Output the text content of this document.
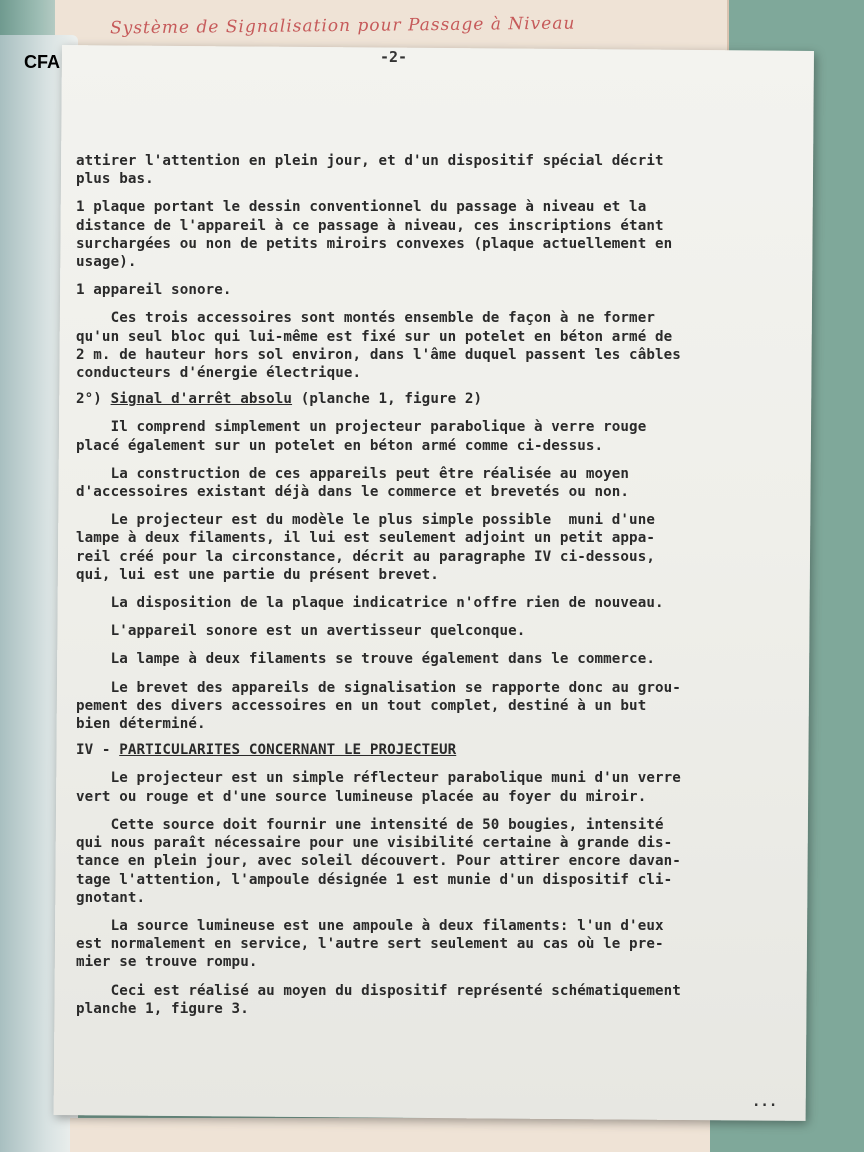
Système de Signalisation pour Passage à Niveau
CFA	-2-
attirer l'attention en plein jour, et d'un dispositif spécial décrit
plus bas.
1 plaque portant le dessin conventionnel du passage à niveau et la
distance de l'appareil à ce passage à niveau, ces inscriptions étant
surchargées ou non de petits miroirs convexes (plaque actuellement en
usage).
1 appareil sonore.
Ces trois accessoires sont montés ensemble de façon à ne former
qu'un seul bloc qui lui-même est fixé sur un potelet en béton armé de
2 m. de hauteur hors sol environ, dans l'âme duquel passent les câbles
conducteurs d'énergie électrique.
2°) Signal d'arrêt absolu (planche 1, figure 2)
Il comprend simplement un projecteur parabolique à verre rouge
placé également sur un potelet en béton armé comme ci-dessus.
La construction de ces appareils peut être réalisée au moyen
d'accessoires existant déjà dans le commerce et brevetés ou non.
Le projecteur est du modèle le plus simple possible  muni d'une
lampe à deux filaments, il lui est seulement adjoint un petit appa-
reil créé pour la circonstance, décrit au paragraphe IV ci-dessous,
qui, lui est une partie du présent brevet.
La disposition de la plaque indicatrice n'offre rien de nouveau.
L'appareil sonore est un avertisseur quelconque.
La lampe à deux filaments se trouve également dans le commerce.
Le brevet des appareils de signalisation se rapporte donc au grou-
pement des divers accessoires en un tout complet, destiné à un but
bien déterminé.
IV - PARTICULARITES CONCERNANT LE PROJECTEUR
Le projecteur est un simple réflecteur parabolique muni d'un verre
vert ou rouge et d'une source lumineuse placée au foyer du miroir.
Cette source doit fournir une intensité de 50 bougies, intensité
qui nous paraît nécessaire pour une visibilité certaine à grande dis-
tance en plein jour, avec soleil découvert. Pour attirer encore davan-
tage l'attention, l'ampoule désignée 1 est munie d'un dispositif cli-
gnotant.
La source lumineuse est une ampoule à deux filaments: l'un d'eux
est normalement en service, l'autre sert seulement au cas où le pre-
mier se trouve rompu.
Ceci est réalisé au moyen du dispositif représenté schématiquement
planche 1, figure 3.
...
